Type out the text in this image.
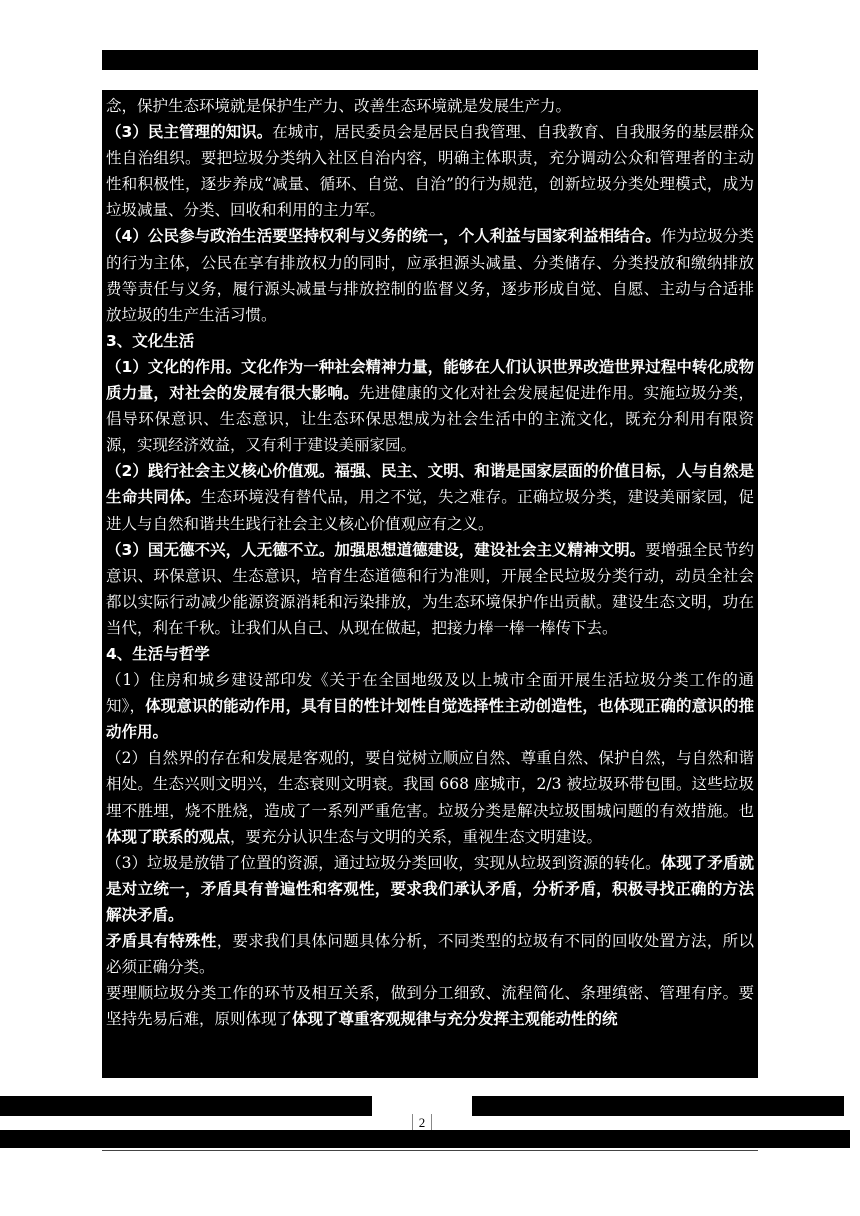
念，保护生态环境就是保护生产力、改善生态环境就是发展生产力。

（3）民主管理的知识。在城市，居民委员会是居民自我管理、自我教育、自我服务的基层群众性自治组织。要把垃圾分类纳入社区自治内容，明确主体职责，充分调动公众和管理者的主动性和积极性，逐步养成“减量、循环、自觉、自治”的行为规范，创新垃圾分类处理模式，成为垃圾减量、分类、回收和利用的主力军。

（4）公民参与政治生活要坚持权利与义务的统一，个人利益与国家利益相结合。作为垃圾分类的行为主体，公民在享有排放权力的同时，应承担源头减量、分类储存、分类投放和缴纳排放费等责任与义务，履行源头减量与排放控制的监督义务，逐步形成自觉、自愿、主动与合适排放垃圾的生产生活习惯。

3、文化生活

（1）文化的作用。文化作为一种社会精神力量，能够在人们认识世界改造世界过程中转化成物质力量，对社会的发展有很大影响。先进健康的文化对社会发展起促进作用。实施垃圾分类，倡导环保意识、生态意识，让生态环保思想成为社会生活中的主流文化，既充分利用有限资源，实现经济效益，又有利于建设美丽家园。

（2）践行社会主义核心价值观。福强、民主、文明、和谐是国家层面的价值目标，人与自然是生命共同体。生态环境没有替代品，用之不觉，失之难存。正确垃圾分类，建设美丽家园，促进人与自然和谐共生践行社会主义核心价值观应有之义。

（3）国无德不兴，人无德不立。加强思想道德建设，建设社会主义精神文明。要增强全民节约意识、环保意识、生态意识，培育生态道德和行为准则，开展全民垃圾分类行动，动员全社会都以实际行动减少能源资源消耗和污染排放，为生态环境保护作出贡献。建设生态文明，功在当代，利在千秋。让我们从自己、从现在做起，把接力棒一棒一棒传下去。

4、生活与哲学

（1）住房和城乡建设部印发《关于在全国地级及以上城市全面开展生活垃圾分类工作的通知》，体现意识的能动作用，具有目的性计划性自觉选择性主动创造性，也体现正确的意识的推动作用。

（2）自然界的存在和发展是客观的，要自觉树立顺应自然、尊重自然、保护自然，与自然和谐相处。生态兴则文明兴，生态衰则文明衰。我国 668 座城市，2/3 被垃圾环带包围。这些垃圾埋不胜埋，烧不胜烧，造成了一系列严重危害。垃圾分类是解决垃圾围城问题的有效措施。也体现了联系的观点，要充分认识生态与文明的关系，重视生态文明建设。

（3）垃圾是放错了位置的资源，通过垃圾分类回收，实现从垃圾到资源的转化。体现了矛盾就是对立统一，矛盾具有普遍性和客观性，要求我们承认矛盾，分析矛盾，积极寻找正确的方法解决矛盾。

矛盾具有特殊性，要求我们具体问题具体分析，不同类型的垃圾有不同的回收处置方法，所以必须正确分类。

要理顺垃圾分类工作的环节及相互关系，做到分工细致、流程简化、条理缜密、管理有序。要坚持先易后难，原则体现了体现了尊重客观规律与充分发挥主观能动性的统

2
